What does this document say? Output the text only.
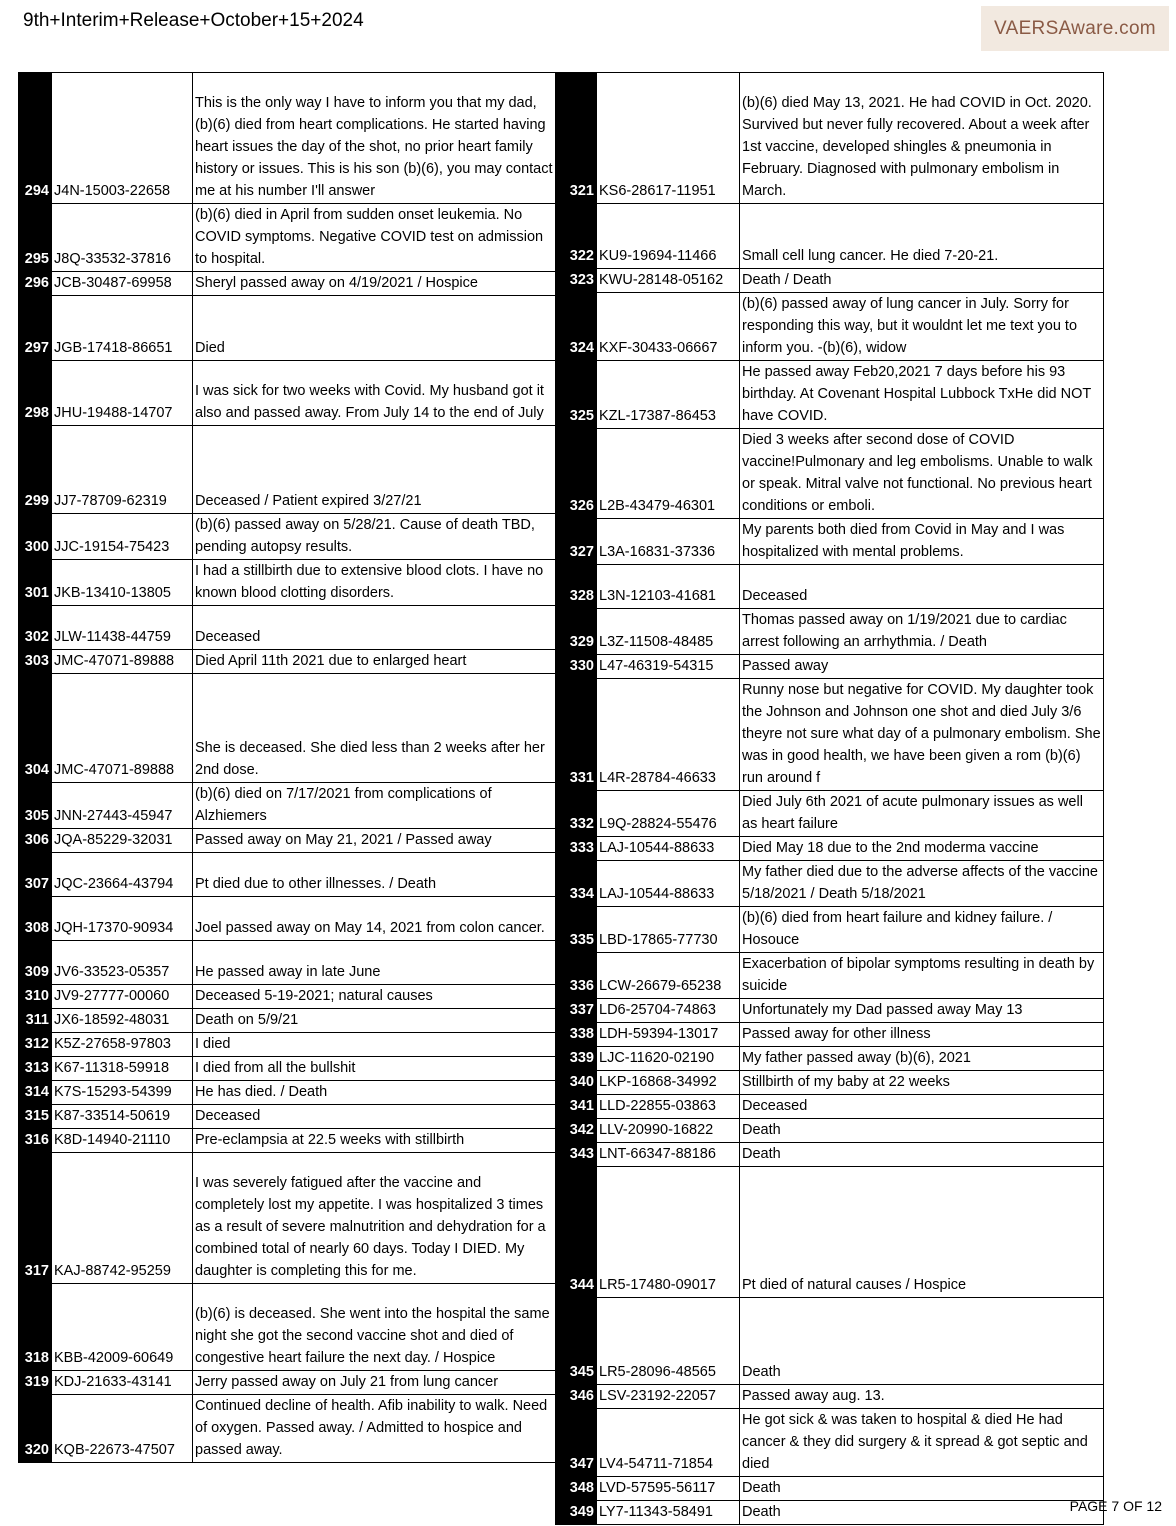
9th+Interim+Release+October+15+2024	VAERSAware.com
294	J4N-15003-22658	This is the only way I have to inform you that my dad, (b)(6) died from heart complications. He started having heart issues the day of the shot, no prior heart family history or issues. This is his son (b)(6), you may contact me at his number I'll answer
295	J8Q-33532-37816	(b)(6) died in April from sudden onset leukemia. No COVID symptoms. Negative COVID test on admission to hospital.
296	JCB-30487-69958	Sheryl passed away on 4/19/2021 / Hospice
297	JGB-17418-86651	Died
298	JHU-19488-14707	I was sick for two weeks with Covid. My husband got it also and passed away. From July 14 to the end of July
299	JJ7-78709-62319	Deceased / Patient expired 3/27/21
300	JJC-19154-75423	(b)(6) passed away on 5/28/21. Cause of death TBD, pending autopsy results.
301	JKB-13410-13805	I had a stillbirth due to extensive blood clots. I have no known blood clotting disorders.
302	JLW-11438-44759	Deceased
303	JMC-47071-89888	Died April 11th 2021 due to enlarged heart
304	JMC-47071-89888	She is deceased. She died less than 2 weeks after her 2nd dose.
305	JNN-27443-45947	(b)(6) died on 7/17/2021 from complications of Alzhiemers
306	JQA-85229-32031	Passed away on May 21, 2021 / Passed away
307	JQC-23664-43794	Pt died due to other illnesses. / Death
308	JQH-17370-90934	Joel passed away on May 14, 2021 from colon cancer.
309	JV6-33523-05357	He passed away in late June
310	JV9-27777-00060	Deceased 5-19-2021; natural causes
311	JX6-18592-48031	Death on 5/9/21
312	K5Z-27658-97803	I died
313	K67-11318-59918	I died from all the bullshit
314	K7S-15293-54399	He has died. / Death
315	K87-33514-50619	Deceased
316	K8D-14940-21110	Pre-eclampsia at 22.5 weeks with stillbirth
317	KAJ-88742-95259	I was severely fatigued after the vaccine and completely lost my appetite. I was hospitalized 3 times as a result of severe malnutrition and dehydration for a combined total of nearly 60 days. Today I DIED. My daughter is completing this for me.
318	KBB-42009-60649	(b)(6) is deceased. She went into the hospital the same night she got the second vaccine shot and died of congestive heart failure the next day. / Hospice
319	KDJ-21633-43141	Jerry passed away on July 21 from lung cancer
320	KQB-22673-47507	Continued decline of health. Afib inability to walk. Need of oxygen. Passed away. / Admitted to hospice and passed away.
321	KS6-28617-11951	(b)(6) died May 13, 2021. He had COVID in Oct. 2020. Survived but never fully recovered. About a week after 1st vaccine, developed shingles & pneumonia in February. Diagnosed with pulmonary embolism in March.
322	KU9-19694-11466	Small cell lung cancer. He died 7-20-21.
323	KWU-28148-05162	Death / Death
324	KXF-30433-06667	(b)(6) passed away of lung cancer in July. Sorry for responding this way, but it wouldnt let me text you to inform you. -(b)(6), widow
325	KZL-17387-86453	He passed away Feb20,2021 7 days before his 93 birthday. At Covenant Hospital Lubbock TxHe did NOT have COVID.
326	L2B-43479-46301	Died 3 weeks after second dose of COVID vaccine!Pulmonary and leg embolisms. Unable to walk or speak. Mitral valve not functional. No previous heart conditions or emboli.
327	L3A-16831-37336	My parents both died from Covid in May and I was hospitalized with mental problems.
328	L3N-12103-41681	Deceased
329	L3Z-11508-48485	Thomas passed away on 1/19/2021 due to cardiac arrest following an arrhythmia. / Death
330	L47-46319-54315	Passed away
331	L4R-28784-46633	Runny nose but negative for COVID. My daughter took the Johnson and Johnson one shot and died July 3/6 theyre not sure what day of a pulmonary embolism. She was in good health, we have been given a rom (b)(6) run around f
332	L9Q-28824-55476	Died July 6th 2021 of acute pulmonary issues as well as heart failure
333	LAJ-10544-88633	Died May 18 due to the 2nd moderma vaccine
334	LAJ-10544-88633	My father died due to the adverse affects of the vaccine 5/18/2021 / Death 5/18/2021
335	LBD-17865-77730	(b)(6) died from heart failure and kidney failure. / Hosouce
336	LCW-26679-65238	Exacerbation of bipolar symptoms resulting in death by suicide
337	LD6-25704-74863	Unfortunately my Dad passed away May 13
338	LDH-59394-13017	Passed away for other illness
339	LJC-11620-02190	My father passed away (b)(6), 2021
340	LKP-16868-34992	Stillbirth of my baby at 22 weeks
341	LLD-22855-03863	Deceased
342	LLV-20990-16822	Death
343	LNT-66347-88186	Death
344	LR5-17480-09017	Pt died of natural causes / Hospice
345	LR5-28096-48565	Death
346	LSV-23192-22057	Passed away aug. 13.
347	LV4-54711-71854	He got sick & was taken to hospital & died He had cancer & they did surgery & it spread & got septic and died
348	LVD-57595-56117	Death
349	LY7-11343-58491	Death	PAGE 7 OF 12
